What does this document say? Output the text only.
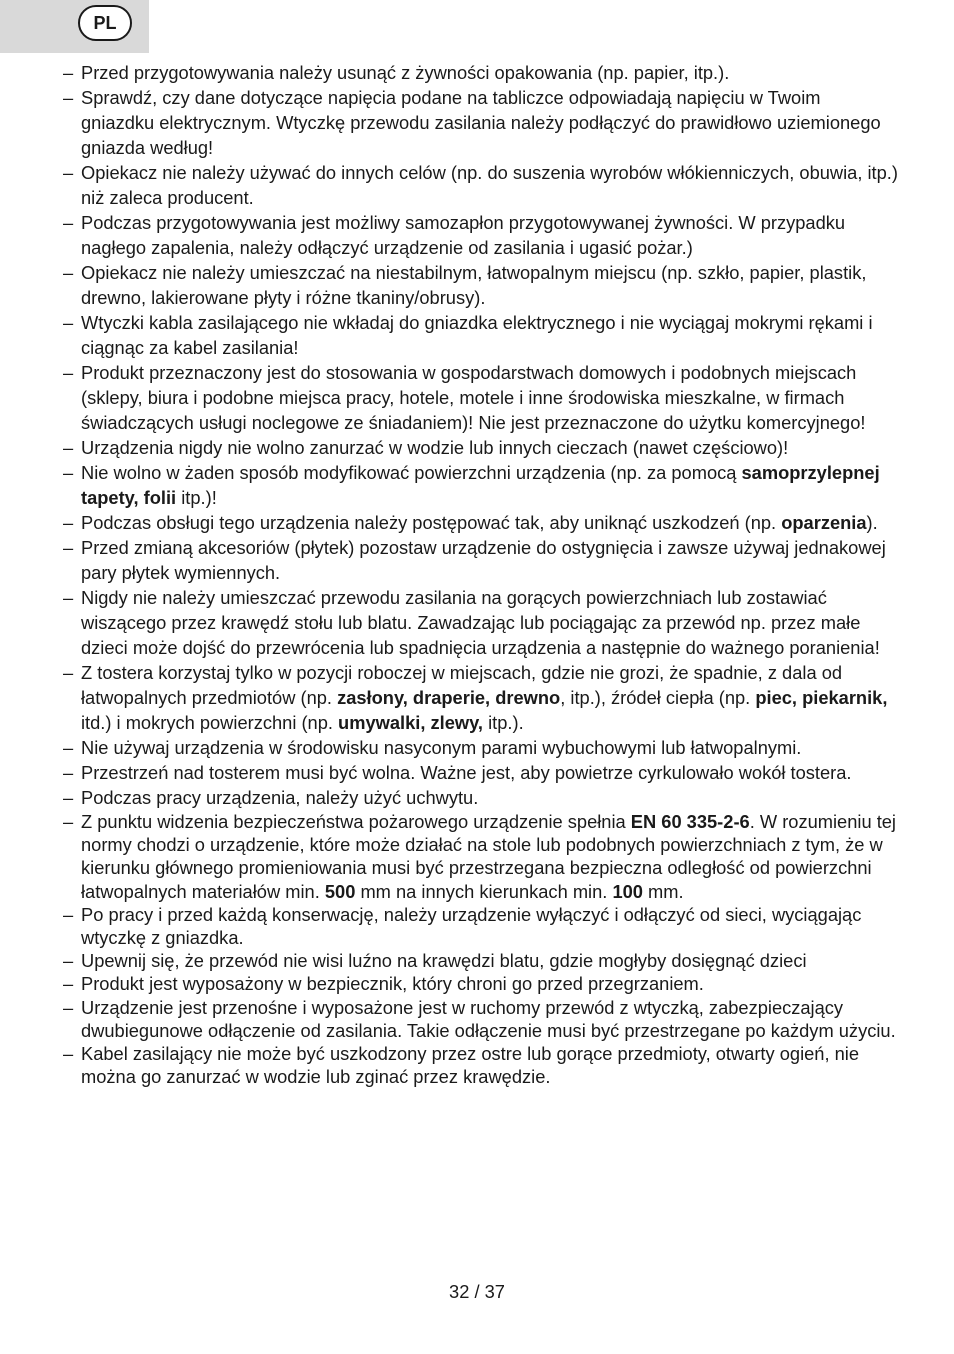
PL

– Przed przygotowywania należy usunąć z żywności opakowania (np. papier, itp.).

– Sprawdź, czy dane dotyczące napięcia podane na tabliczce odpowiadają napięciu w Twoim gniazdku elektrycznym. Wtyczkę przewodu zasilania należy podłączyć do prawidłowo uziemionego gniazda według!

– Opiekacz nie należy używać do innych celów (np. do suszenia wyrobów włókienniczych, obuwia, itp.) niż zaleca producent.

– Podczas przygotowywania jest możliwy samozapłon przygotowywanej żywności. W przypadku nagłego zapalenia, należy odłączyć urządzenie od zasilania i ugasić pożar.)

– Opiekacz nie należy umieszczać na niestabilnym, łatwopalnym miejscu (np. szkło, papier, plastik, drewno, lakierowane płyty i różne tkaniny/obrusy).

– Wtyczki kabla zasilającego nie wkładaj do gniazdka elektrycznego i nie wyciągaj mokrymi rękami i ciągnąc za kabel zasilania!

– Produkt przeznaczony jest do stosowania w gospodarstwach domowych i podobnych miejscach (sklepy, biura i podobne miejsca pracy, hotele, motele i inne środowiska mieszkalne, w firmach świadczących usługi noclegowe ze śniadaniem)! Nie jest przeznaczone do użytku komercyjnego!

– Urządzenia nigdy nie wolno zanurzać w wodzie lub innych cieczach (nawet częściowo)!

– Nie wolno w żaden sposób modyfikować powierzchni urządzenia (np. za pomocą samoprzylepnej tapety, folii itp.)!

– Podczas obsługi tego urządzenia należy postępować tak, aby uniknąć uszkodzeń (np. oparzenia).

– Przed zmianą akcesoriów (płytek) pozostaw urządzenie do ostygnięcia i zawsze używaj jednakowej pary płytek wymiennych.

– Nigdy nie należy umieszczać przewodu zasilania na gorących powierzchniach lub zostawiać wiszącego przez krawędź stołu lub blatu. Zawadzając lub pociągając za przewód np. przez małe dzieci może dojść do przewrócenia lub spadnięcia urządzenia a następnie do ważnego poranienia!

– Z tostera korzystaj tylko w pozycji roboczej w miejscach, gdzie nie grozi, że spadnie, z dala od łatwopalnych przedmiotów (np. zasłony, draperie, drewno, itp.), źródeł ciepła (np. piec, piekarnik, itd.) i mokrych powierzchni (np. umywalki, zlewy, itp.).

– Nie używaj urządzenia w środowisku nasyconym parami wybuchowymi lub łatwopalnymi.

– Przestrzeń nad tosterem musi być wolna. Ważne jest, aby powietrze cyrkulowało wokół tostera.

– Podczas pracy urządzenia, należy użyć uchwytu.

– Z punktu widzenia bezpieczeństwa pożarowego urządzenie spełnia EN 60 335-2-6. W rozumieniu tej normy chodzi o urządzenie, które może działać na stole lub podobnych powierzchniach z tym, że w kierunku głównego promieniowania musi być przestrzegana bezpieczna odległość od powierzchni łatwopalnych materiałów min. 500 mm na innych kierunkach min. 100 mm.

– Po pracy i przed każdą konserwację, należy urządzenie wyłączyć i odłączyć od sieci, wyciągając wtyczkę z gniazdka.

– Upewnij się, że przewód nie wisi luźno na krawędzi blatu, gdzie mogłyby dosięgnąć dzieci

– Produkt jest wyposażony w bezpiecznik, który chroni go przed przegrzaniem.

– Urządzenie jest przenośne i wyposażone jest w ruchomy przewód z wtyczką, zabezpieczający dwubiegunowe odłączenie od zasilania. Takie odłączenie musi być przestrzegane po każdym użyciu.

– Kabel zasilający nie może być uszkodzony przez ostre lub gorące przedmioty, otwarty ogień, nie można go zanurzać w wodzie lub zginać przez krawędzie.

32 / 37
